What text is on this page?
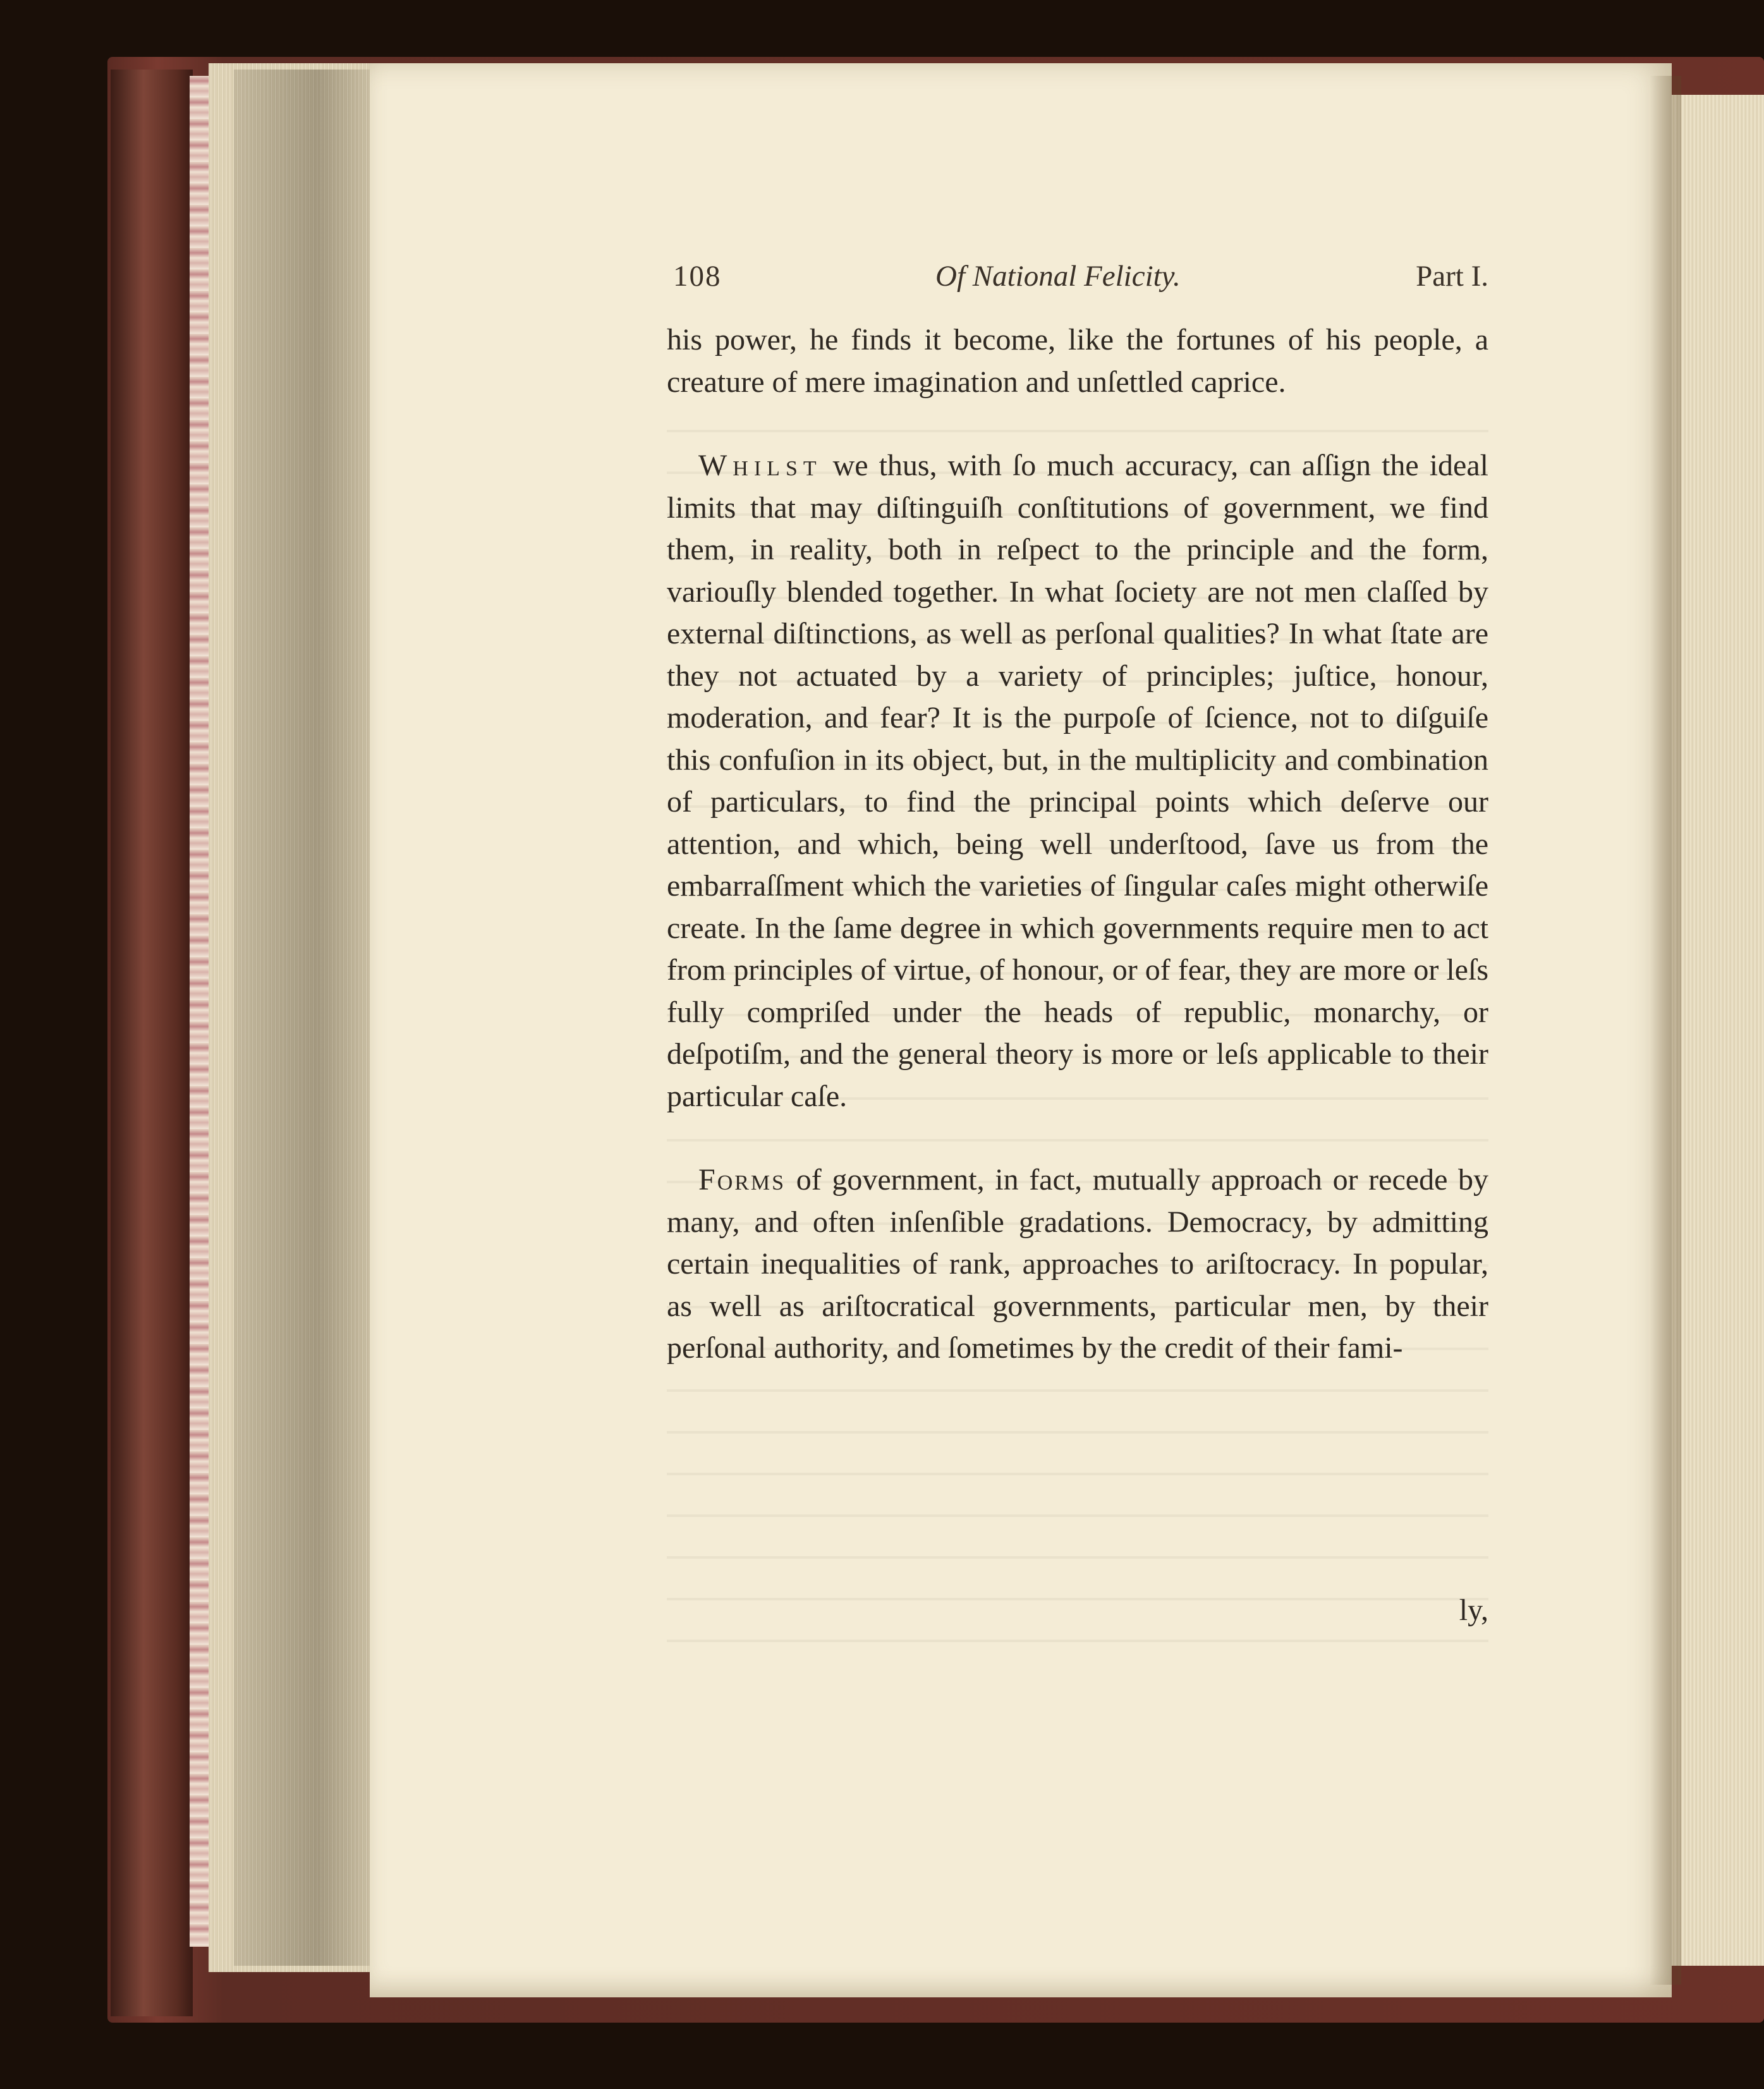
108	Of National Felicity.	Part I.

his power, he finds it become, like the fortunes of his people, a creature of mere imagination and unſettled caprice.

Whilst we thus, with ſo much accuracy, can aſſign the ideal limits that may diſtinguiſh conſtitutions of government, we find them, in reality, both in reſpect to the principle and the form, variouſly blended together. In what ſociety are not men claſſed by external diſtinctions, as well as perſonal qualities? In what ſtate are they not actuated by a variety of principles; juſtice, honour, moderation, and fear? It is the purpoſe of ſcience, not to diſguiſe this confuſion in its object, but, in the multiplicity and combination of particulars, to find the principal points which deſerve our attention, and which, being well underſtood, ſave us from the embarraſſment which the varieties of ſingular caſes might otherwiſe create. In the ſame degree in which governments require men to act from principles of virtue, of honour, or of fear, they are more or leſs fully compriſed under the heads of republic, monarchy, or deſpotiſm, and the general theory is more or leſs applicable to their particular caſe.

Forms of government, in fact, mutually approach or recede by many, and often inſenſible gradations. Democracy, by admitting certain inequalities of rank, approaches to ariſtocracy. In popular, as well as ariſtocratical governments, particular men, by their perſonal authority, and ſometimes by the credit of their fami-

ly,
